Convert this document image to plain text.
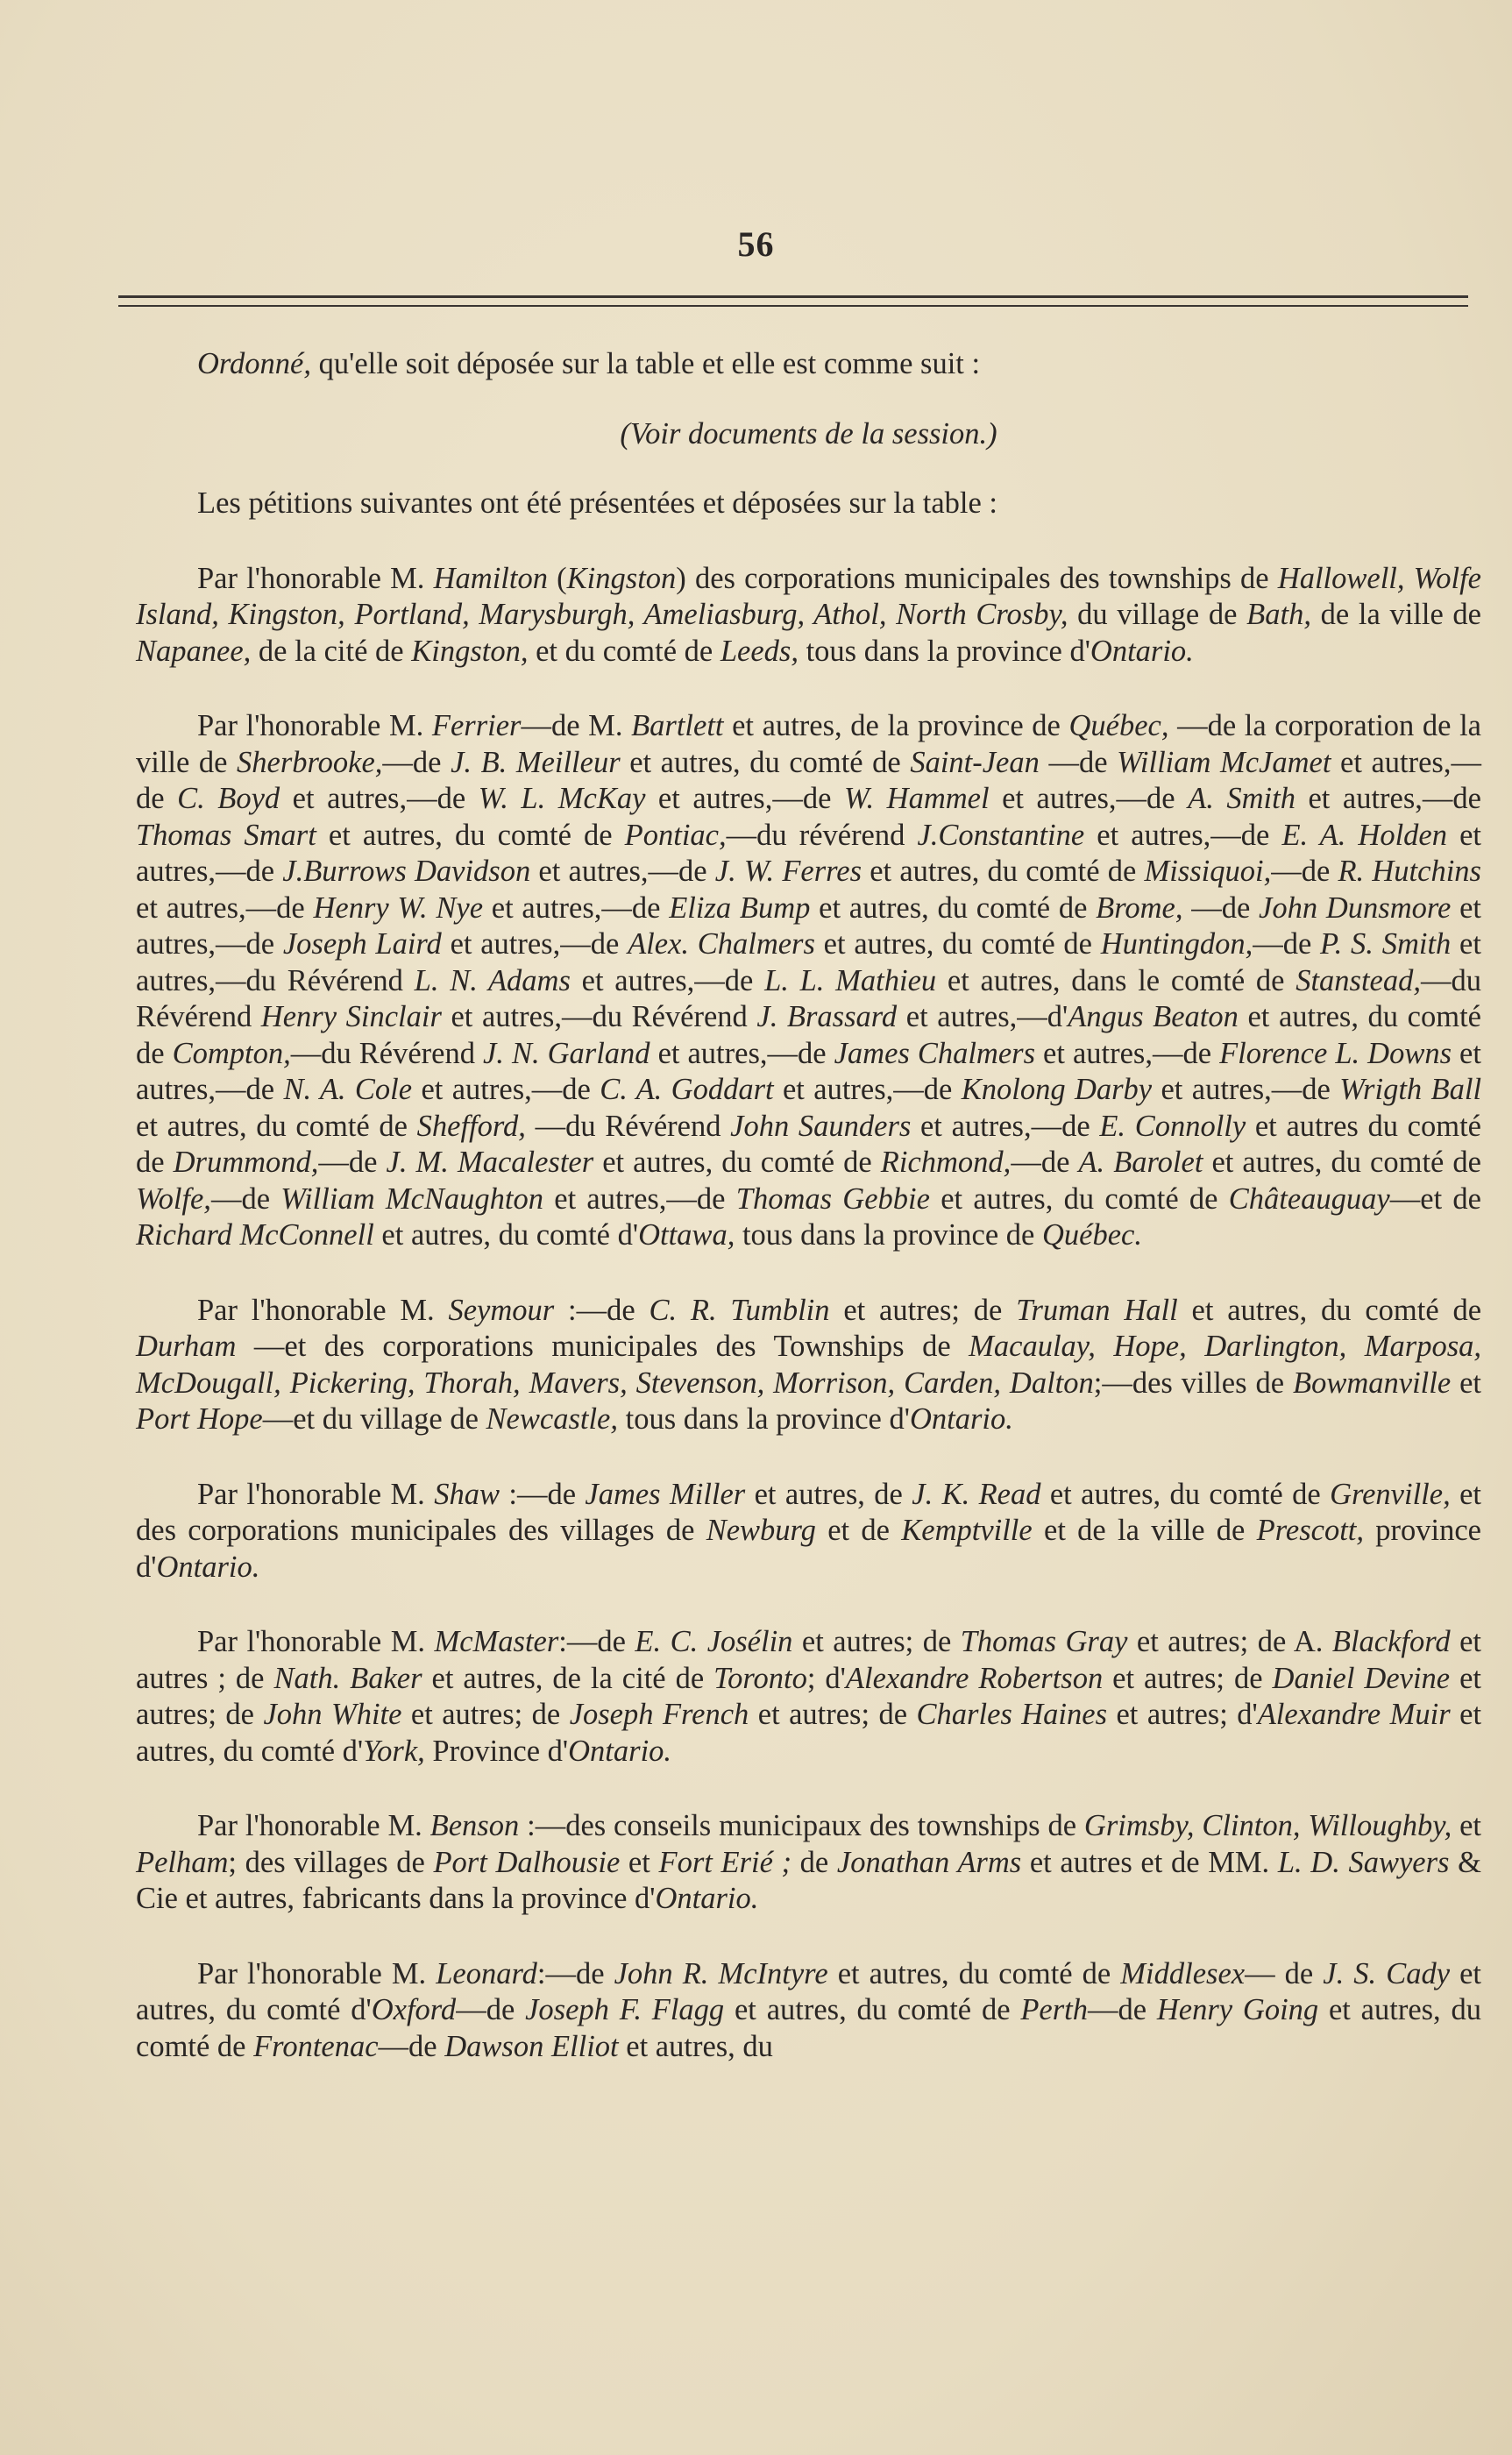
56

Ordonné, qu'elle soit déposée sur la table et elle est comme suit :

(Voir documents de la session.)

Les pétitions suivantes ont été présentées et déposées sur la table :

Par l'honorable M. Hamilton (Kingston) des corporations municipales des townships de Hallowell, Wolfe Island, Kingston, Portland, Marysburgh, Ameliasburg, Athol, North Crosby, du village de Bath, de la ville de Napanee, de la cité de Kingston, et du comté de Leeds, tous dans la province d'Ontario.

Par l'honorable M. Ferrier—de M. Bartlett et autres, de la province de Québec, —de la corporation de la ville de Sherbrooke,—de J. B. Meilleur et autres, du comté de Saint-Jean —de William McJamet et autres,—de C. Boyd et autres,—de W. L. McKay et autres,—de W. Hammel et autres,—de A. Smith et autres,—de Thomas Smart et autres, du comté de Pontiac,—du révérend J.Constantine et autres,—de E. A. Holden et autres,—de J.Burrows Davidson et autres,—de J. W. Ferres et autres, du comté de Missiquoi,—de R. Hutchins et autres,—de Henry W. Nye et autres,—de Eliza Bump et autres, du comté de Brome, —de John Dunsmore et autres,—de Joseph Laird et autres,—de Alex. Chalmers et autres, du comté de Huntingdon,—de P. S. Smith et autres,—du Révérend L. N. Adams et autres,—de L. L. Mathieu et autres, dans le comté de Stanstead,—du Révérend Henry Sinclair et autres,—du Révérend J. Brassard et autres,—d'Angus Beaton et autres, du comté de Compton,—du Révérend J. N. Garland et autres,—de James Chalmers et autres,—de Florence L. Downs et autres,—de N. A. Cole et autres,—de C. A. Goddart et autres,—de Knolong Darby et autres,—de Wrigth Ball et autres, du comté de Shefford, —du Révérend John Saunders et autres,—de E. Connolly et autres du comté de Drummond,—de J. M. Macalester et autres, du comté de Richmond,—de A. Barolet et autres, du comté de Wolfe,—de William McNaughton et autres,—de Thomas Gebbie et autres, du comté de Châteauguay—et de Richard McConnell et autres, du comté d'Ottawa, tous dans la province de Québec.

Par l'honorable M. Seymour :—de C. R. Tumblin et autres; de Truman Hall et autres, du comté de Durham —et des corporations municipales des Townships de Macaulay, Hope, Darlington, Marposa, McDougall, Pickering, Thorah, Mavers, Stevenson, Morrison, Carden, Dalton;—des villes de Bowmanville et Port Hope—et du village de Newcastle, tous dans la province d'Ontario.

Par l'honorable M. Shaw :—de James Miller et autres, de J. K. Read et autres, du comté de Grenville, et des corporations municipales des villages de Newburg et de Kemptville et de la ville de Prescott, province d'Ontario.

Par l'honorable M. McMaster:—de E. C. Josélin et autres; de Thomas Gray et autres; de A. Blackford et autres ; de Nath. Baker et autres, de la cité de Toronto; d'Alexandre Robertson et autres; de Daniel Devine et autres; de John White et autres; de Joseph French et autres; de Charles Haines et autres; d'Alexandre Muir et autres, du comté d'York, Province d'Ontario.

Par l'honorable M. Benson :—des conseils municipaux des townships de Grimsby, Clinton, Willoughby, et Pelham; des villages de Port Dalhousie et Fort Erié ; de Jonathan Arms et autres et de MM. L. D. Sawyers & Cie et autres, fabricants dans la province d'Ontario.

Par l'honorable M. Leonard:—de John R. McIntyre et autres, du comté de Middlesex— de J. S. Cady et autres, du comté d'Oxford—de Joseph F. Flagg et autres, du comté de Perth—de Henry Going et autres, du comté de Frontenac—de Dawson Elliot et autres, du
